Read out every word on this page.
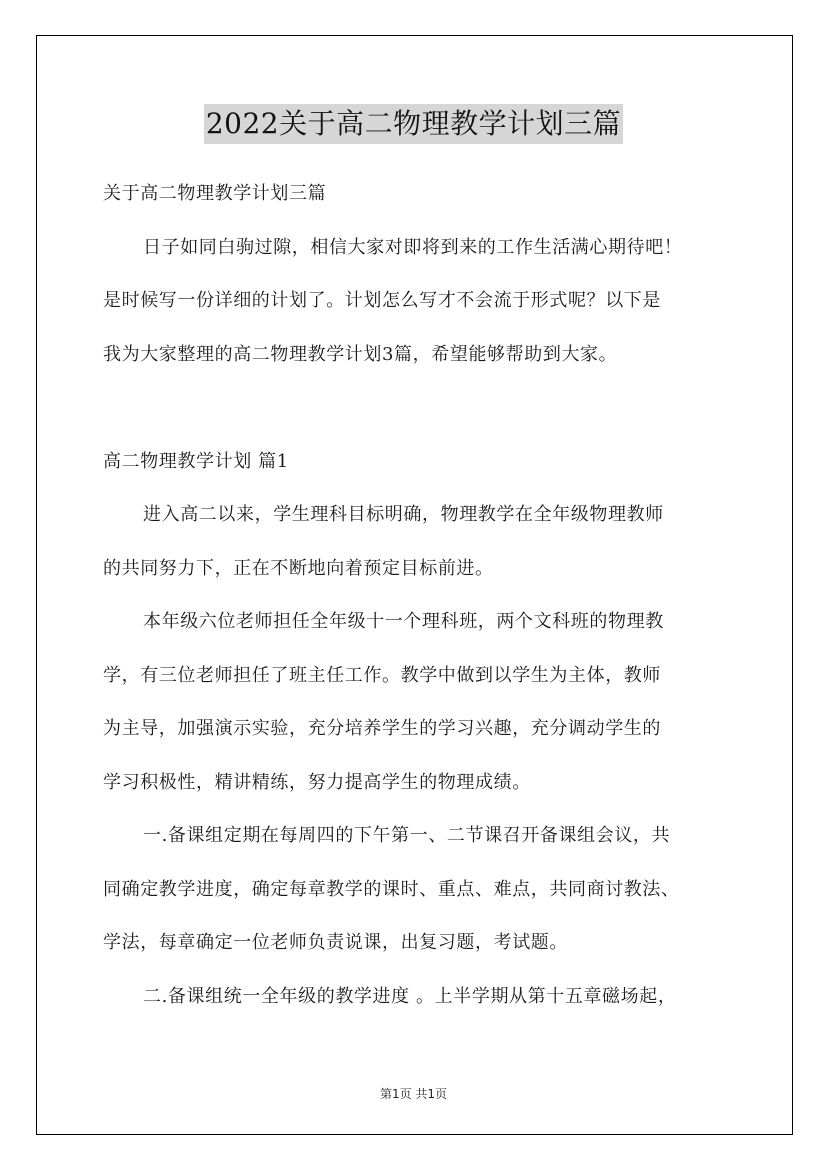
2022关于高二物理教学计划三篇
关于高二物理教学计划三篇
日子如同白驹过隙，相信大家对即将到来的工作生活满心期待吧！
是时候写一份详细的计划了。计划怎么写才不会流于形式呢？以下是
我为大家整理的高二物理教学计划3篇，希望能够帮助到大家。
高二物理教学计划 篇1
进入高二以来，学生理科目标明确，物理教学在全年级物理教师
的共同努力下，正在不断地向着预定目标前进。
本年级六位老师担任全年级十一个理科班，两个文科班的物理教
学，有三位老师担任了班主任工作。教学中做到以学生为主体，教师
为主导，加强演示实验，充分培养学生的学习兴趣，充分调动学生的
学习积极性，精讲精练，努力提高学生的物理成绩。
一.备课组定期在每周四的下午第一、二节课召开备课组会议，共
同确定教学进度，确定每章教学的课时、重点、难点，共同商讨教法、
学法，每章确定一位老师负责说课，出复习题，考试题。
二.备课组统一全年级的教学进度 。上半学期从第十五章磁场起，
第1页 共1页
